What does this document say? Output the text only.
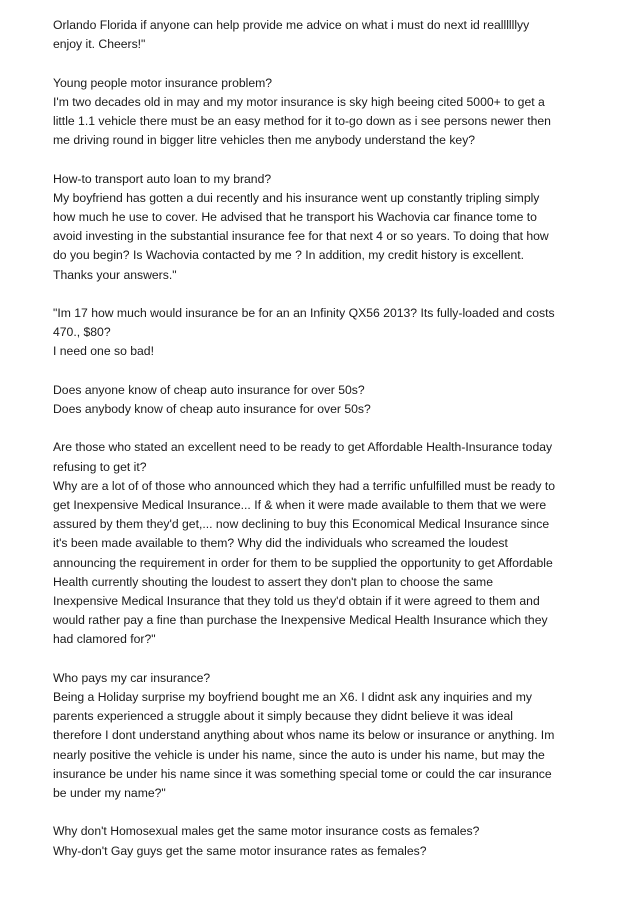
Orlando Florida if anyone can help provide me advice on what i must do next id reallllllyy
enjoy it. Cheers!"
Young people motor insurance problem?
I'm two decades old in may and my motor insurance is sky high beeing cited 5000+ to get a
little 1.1 vehicle there must be an easy method for it to-go down as i see persons newer then
me driving round in bigger litre vehicles then me anybody understand the key?
How-to transport auto loan to my brand?
My boyfriend has gotten a dui recently and his insurance went up constantly tripling simply
how much he use to cover. He advised that he transport his Wachovia car finance tome to
avoid investing in the substantial insurance fee for that next 4 or so years. To doing that how
do you begin? Is Wachovia contacted by me ? In addition, my credit history is excellent.
Thanks your answers."
"Im 17 how much would insurance be for an an Infinity QX56 2013? Its fully-loaded and costs
470., $80?
I need one so bad!
Does anyone know of cheap auto insurance for over 50s?
Does anybody know of cheap auto insurance for over 50s?
Are those who stated an excellent need to be ready to get Affordable Health-Insurance today
refusing to get it?
Why are a lot of of those who announced which they had a terrific unfulfilled must be ready to
get Inexpensive Medical Insurance... If & when it were made available to them that we were
assured by them they'd get,... now declining to buy this Economical Medical Insurance since
it's been made available to them? Why did the individuals who screamed the loudest
announcing the requirement in order for them to be supplied the opportunity to get Affordable
Health currently shouting the loudest to assert they don't plan to choose the same
Inexpensive Medical Insurance that they told us they'd obtain if it were agreed to them and
would rather pay a fine than purchase the Inexpensive Medical Health Insurance which they
had clamored for?"
Who pays my car insurance?
Being a Holiday surprise my boyfriend bought me an X6. I didnt ask any inquiries and my
parents experienced a struggle about it simply because they didnt believe it was ideal
therefore I dont understand anything about whos name its below or insurance or anything. Im
nearly positive the vehicle is under his name, since the auto is under his name, but may the
insurance be under his name since it was something special tome or could the car insurance
be under my name?"
Why don't Homosexual males get the same motor insurance costs as females?
Why-don't Gay guys get the same motor insurance rates as females?
